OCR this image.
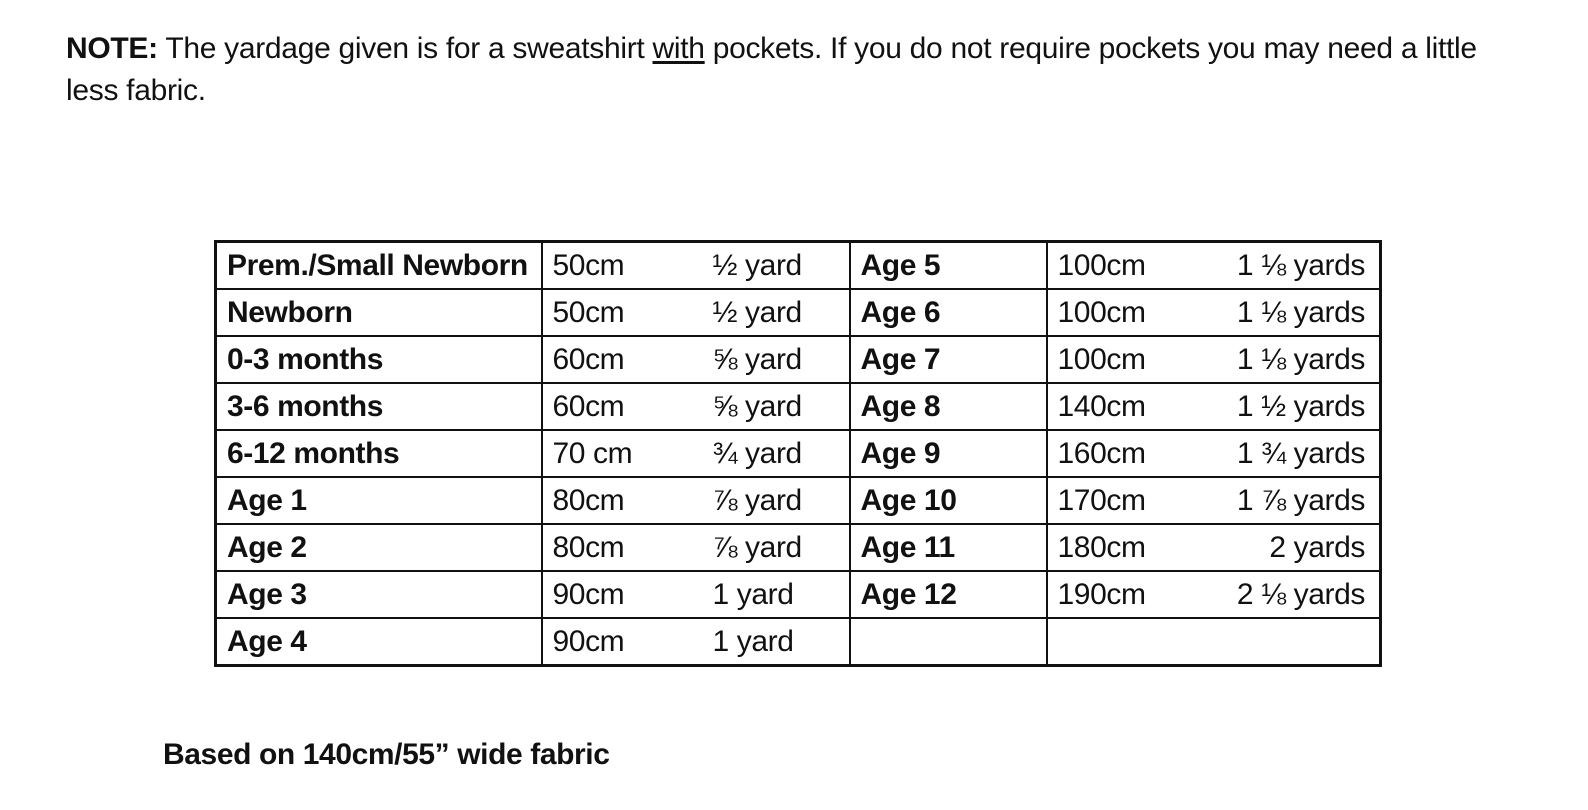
NOTE: The yardage given is for a sweatshirt with pockets. If you do not require pockets you may need a little less fabric.
Prem./Small Newborn	50cm ½ yard	Age 5	100cm 1 ⅛ yards

Newborn	50cm ½ yard	Age 6	100cm 1 ⅛ yards

0-3 months	60cm ⅝ yard	Age 7	100cm 1 ⅛ yards

3-6 months	60cm ⅝ yard	Age 8	140cm 1 ½ yards

6-12 months	70 cm ¾ yard	Age 9	160cm 1 ¾ yards

Age 1	80cm ⅞ yard	Age 10	170cm 1 ⅞ yards

Age 2	80cm ⅞ yard	Age 11	180cm 2 yards

Age 3	90cm 1 yard	Age 12	190cm 2 ⅛ yards

Age 4	90cm 1 yard		

Based on 140cm/55” wide fabric
